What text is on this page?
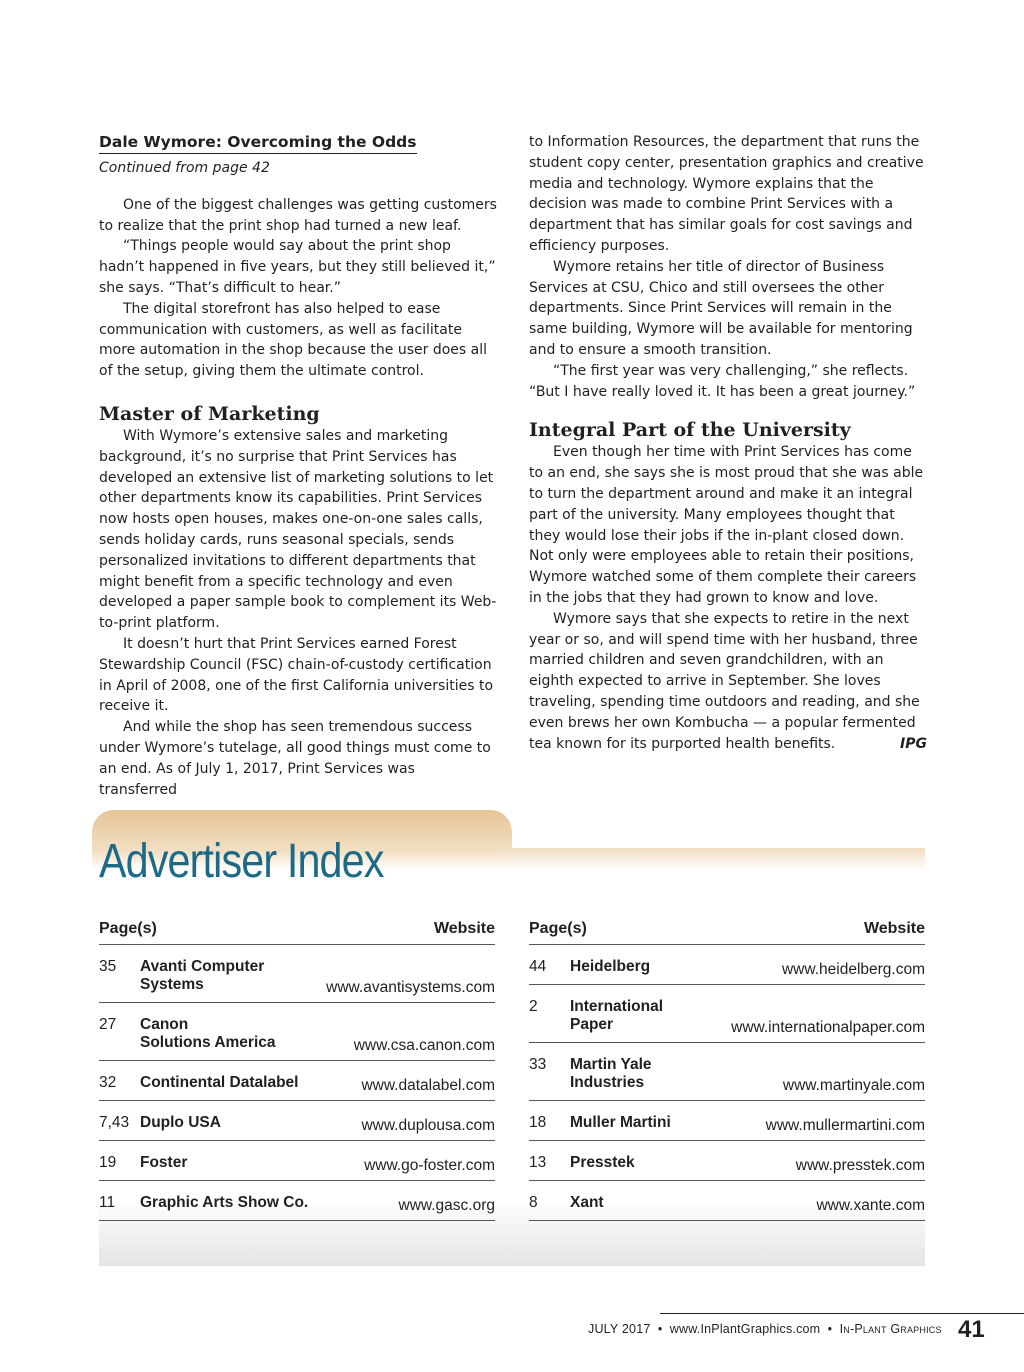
Dale Wymore: Overcoming the Odds
Continued from page 42

One of the biggest challenges was getting customers to realize that the print shop had turned a new leaf.

“Things people would say about the print shop hadn’t happened in five years, but they still believed it,” she says. “That’s difficult to hear.”

The digital storefront has also helped to ease communication with customers, as well as facilitate more automation in the shop because the user does all of the setup, giving them the ultimate control.

Master of Marketing

With Wymore’s extensive sales and marketing background, it’s no surprise that Print Services has developed an extensive list of marketing solutions to let other departments know its capabilities. Print Services now hosts open houses, makes one-on-one sales calls, sends holiday cards, runs seasonal specials, sends personalized invitations to different departments that might benefit from a specific technology and even developed a paper sample book to complement its Web-to-print platform.

It doesn’t hurt that Print Services earned Forest Stewardship Council (FSC) chain-of-custody certification in April of 2008, one of the first California universities to receive it.

And while the shop has seen tremendous success under Wymore’s tutelage, all good things must come to an end. As of July 1, 2017, Print Services was transferred

to Information Resources, the department that runs the student copy center, presentation graphics and creative media and technology. Wymore explains that the decision was made to combine Print Services with a department that has similar goals for cost savings and efficiency purposes.

Wymore retains her title of director of Business Services at CSU, Chico and still oversees the other departments. Since Print Services will remain in the same building, Wymore will be available for mentoring and to ensure a smooth transition.

“The first year was very challenging,” she reflects. “But I have really loved it. It has been a great journey.”

Integral Part of the University

Even though her time with Print Services has come to an end, she says she is most proud that she was able to turn the department around and make it an integral part of the university. Many employees thought that they would lose their jobs if the in-plant closed down. Not only were employees able to retain their positions, Wymore watched some of them complete their careers in the jobs that they had grown to know and love.

Wymore says that she expects to retire in the next year or so, and will spend time with her husband, three married children and seven grandchildren, with an eighth expected to arrive in September. She loves traveling, spending time outdoors and reading, and she even brews her own Kombucha — a popular fermented tea known for its purported health benefits.	IPG

Advertiser Index
Page(s)	Website
35 Avanti Computer
Systems	www.avantisystems.com
27 Canon
Solutions America	www.csa.canon.com
32 Continental Datalabel	www.datalabel.com
7,43 Duplo USA	www.duplousa.com
19 Foster	www.go-foster.com
11 Graphic Arts Show Co.	www.gasc.org
Page(s)	Website
44 Heidelberg	www.heidelberg.com
2 International
Paper	www.internationalpaper.com
33 Martin Yale
Industries	www.martinyale.com
18 Muller Martini	www.mullermartini.com
13 Presstek	www.presstek.com
8 Xant	www.xante.com
JULY 2017 • www.InPlantGraphics.com • In-Plant Graphics 41
